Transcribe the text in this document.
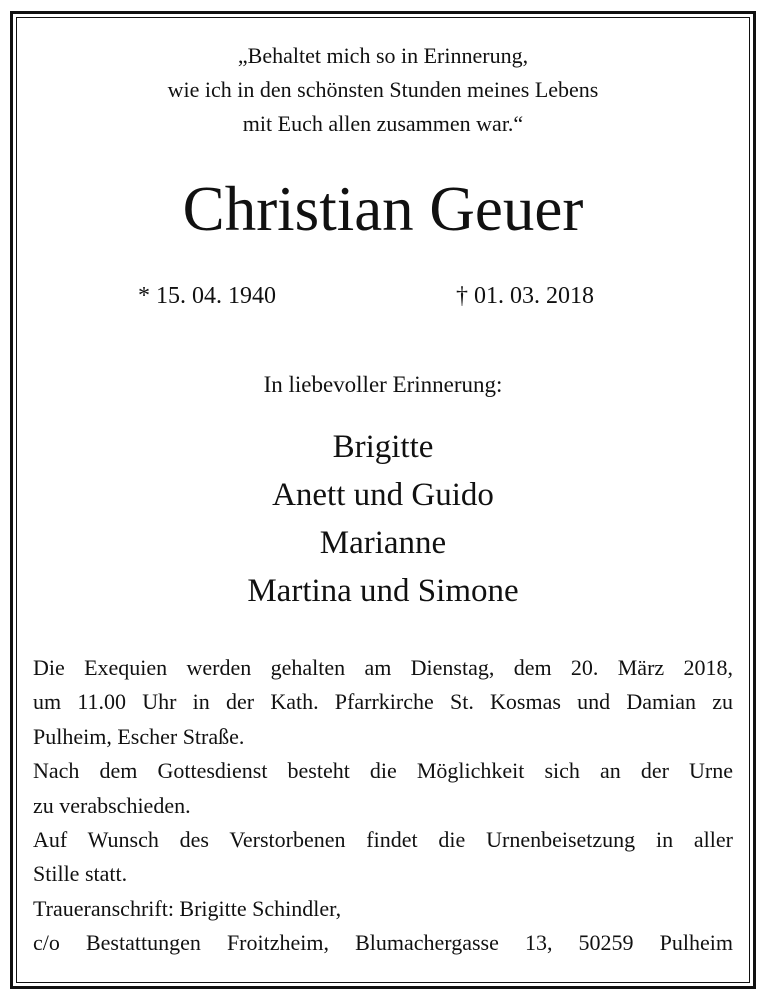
„Behaltet mich so in Erinnerung,
wie ich in den schönsten Stunden meines Lebens
mit Euch allen zusammen war.“
Christian Geuer
* 15. 04. 1940	† 01. 03. 2018
In liebevoller Erinnerung:
Brigitte
Anett und Guido
Marianne
Martina und Simone
Die Exequien werden gehalten am Dienstag, dem 20. März 2018,
um 11.00 Uhr in der Kath. Pfarrkirche St. Kosmas und Damian zu
Pulheim, Escher Straße.
Nach dem Gottesdienst besteht die Möglichkeit sich an der Urne
zu verabschieden.
Auf Wunsch des Verstorbenen findet die Urnenbeisetzung in aller
Stille statt.
Traueranschrift: Brigitte Schindler,
c/o Bestattungen Froitzheim, Blumachergasse 13, 50259 Pulheim
